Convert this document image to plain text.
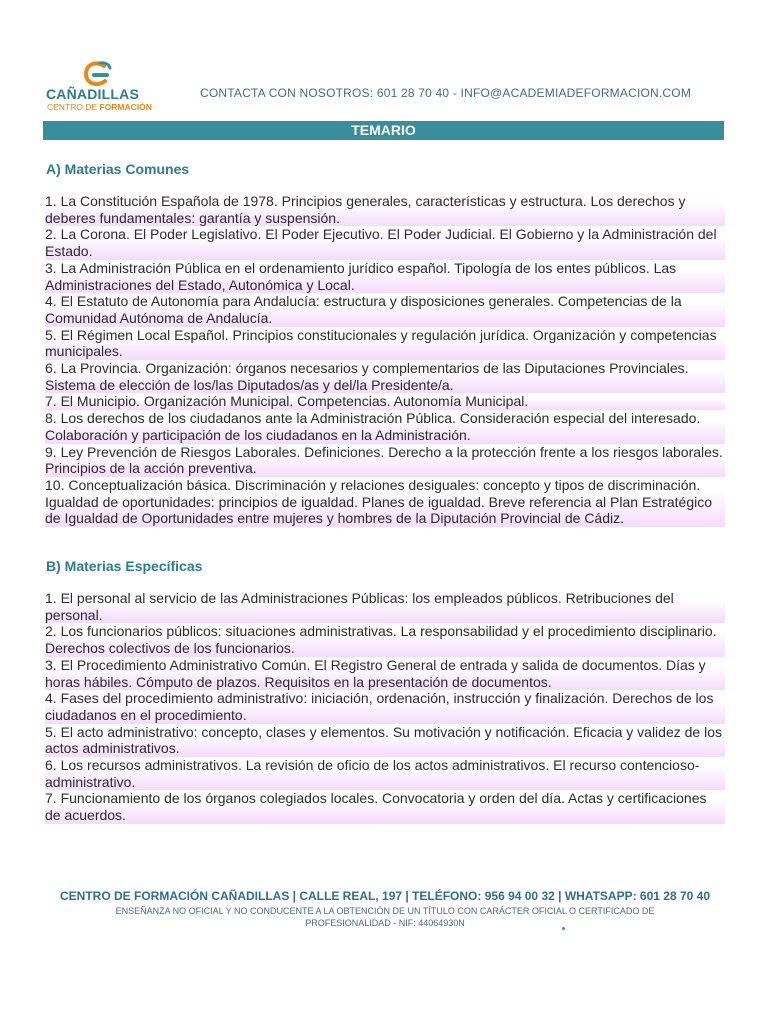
CAÑADILLAS
CENTRO DE FORMACIÓN
CONTACTA CON NOSOTROS: 601 28 70 40 - INFO@ACADEMIADEFORMACION.COM
TEMARIO
A) Materias Comunes
1. La Constitución Española de 1978. Principios generales, características y estructura. Los derechos y deberes fundamentales: garantía y suspensión.
2. La Corona. El Poder Legislativo. El Poder Ejecutivo. El Poder Judicial. El Gobierno y la Administración del Estado.
3. La Administración Pública en el ordenamiento jurídico español. Tipología de los entes públicos. Las Administraciones del Estado, Autonómica y Local.
4. El Estatuto de Autonomía para Andalucía: estructura y disposiciones generales. Competencias de la Comunidad Autónoma de Andalucía.
5. El Régimen Local Español. Principios constitucionales y regulación jurídica. Organización y competencias municipales.
6. La Provincia. Organización: órganos necesarios y complementarios de las Diputaciones Provinciales. Sistema de elección de los/las Diputados/as y del/la Presidente/a.
7. El Municipio. Organización Municipal. Competencias. Autonomía Municipal.
8. Los derechos de los ciudadanos ante la Administración Pública. Consideración especial del interesado. Colaboración y participación de los ciudadanos en la Administración.
9. Ley Prevención de Riesgos Laborales. Definiciones. Derecho a la protección frente a los riesgos laborales. Principios de la acción preventiva.
10. Conceptualización básica. Discriminación y relaciones desiguales: concepto y tipos de discriminación. Igualdad de oportunidades: principios de igualdad. Planes de igualdad. Breve referencia al Plan Estratégico de Igualdad de Oportunidades entre mujeres y hombres de la Diputación Provincial de Cádiz.
B) Materias Específicas
1. El personal al servicio de las Administraciones Públicas: los empleados públicos. Retribuciones del personal.
2. Los funcionarios públicos: situaciones administrativas. La responsabilidad y el procedimiento disciplinario. Derechos colectivos de los funcionarios.
3. El Procedimiento Administrativo Común. El Registro General de entrada y salida de documentos. Días y horas hábiles. Cómputo de plazos. Requisitos en la presentación de documentos.
4. Fases del procedimiento administrativo: iniciación, ordenación, instrucción y finalización. Derechos de los ciudadanos en el procedimiento.
5. El acto administrativo: concepto, clases y elementos. Su motivación y notificación. Eficacia y validez de los actos administrativos.
6. Los recursos administrativos. La revisión de oficio de los actos administrativos. El recurso contencioso-administrativo.
7. Funcionamiento de los órganos colegiados locales. Convocatoria y orden del día. Actas y certificaciones de acuerdos.
CENTRO DE FORMACIÓN CAÑADILLAS | CALLE REAL, 197 | TELÉFONO: 956 94 00 32 | WHATSAPP: 601 28 70 40
ENSEÑANZA NO OFICIAL Y NO CONDUCENTE A LA OBTENCIÓN DE UN TÍTULO CON CARÁCTER OFICIAL O CERTIFICADO DE PROFESIONALIDAD - NIF: 44064930N
